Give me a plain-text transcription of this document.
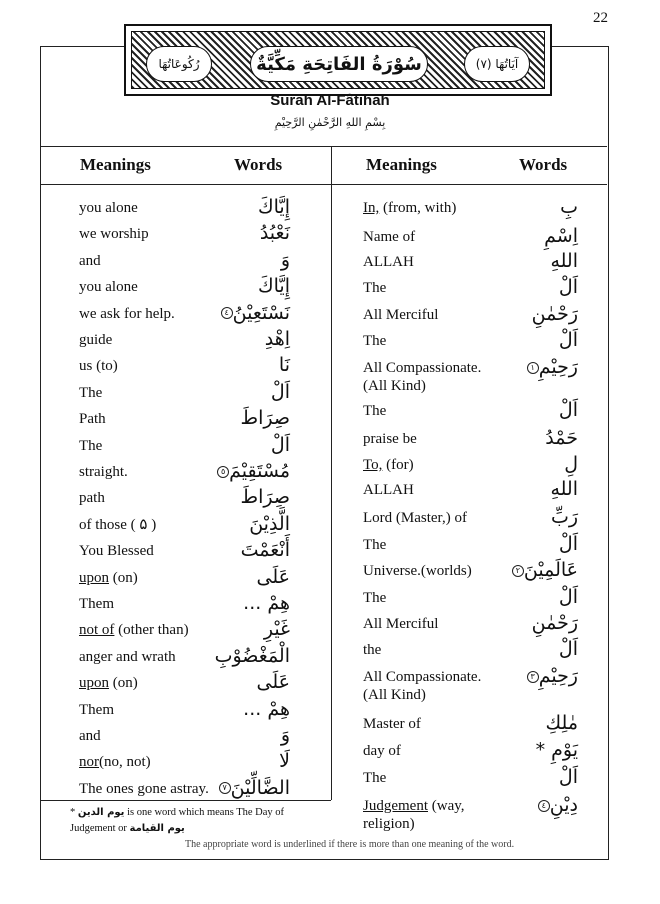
22
رُكُوعَاتُهَا	سُوْرَةُ الفَاتِحَةِ مَكِّيَّةٌ	آيَاتُهَا (٧)
Surah Al-Fâtihah
بِسْمِ اللهِ الرَّحْمٰنِ الرَّحِيْمِ
Meanings	Words	Meanings	Words
you alone	إِيَّاكَ
we worship	نَعْبُدُ
and	وَ
you alone	إِيَّاكَ
we ask for help.	نَسْتَعِيْنُ٤
guide	اِهْدِ
us (to)	نَا
The	اَلْ
Path	صِرَاطَ
The	اَلْ
straight.	مُسْتَقِيْمَ٥
path	صِرَاطَ
of those ( ۵ )	الَّذِيْنَ
You Blessed	أَنْعَمْتَ
upon (on)	عَلَى
Them	هِمْ ...
not of (other than)	غَيْرِ
anger and wrath الْمَغْضُوْبِ
upon (on)	عَلَى
Them	هِمْ ...
and	وَ
nor(no, not)	لَا
The ones gone astray.	الضَّالِّيْنَ٧
In, (from, with)	بِ
Name of	اِسْمِ
ALLAH	اللهِ
The	اَلْ
All Merciful	رَحْمٰنِ
The	اَلْ
All Compassionate.
(All Kind)
رَحِيْمِ١
The	اَلْ
praise be	حَمْدُ
To, (for)	لِ
ALLAH	اللهِ
Lord (Master,) of	رَبِّ
The	اَلْ
Universe.(worlds)	عَالَمِيْنَ٢
The	اَلْ
All Merciful	رَحْمٰنِ
the	اَلْ
All Compassionate.
(All Kind)
رَحِيْمِ٣
Master of	مٰلِكِ
day of	يَوْمِ *
The	اَلْ
Judgement (way,
religion)
دِيْنِ٤
* يوم الدين is one word which means The Day of
Judgement or يوم القيامة
The appropriate word is underlined if there is more than one meaning of the word.
